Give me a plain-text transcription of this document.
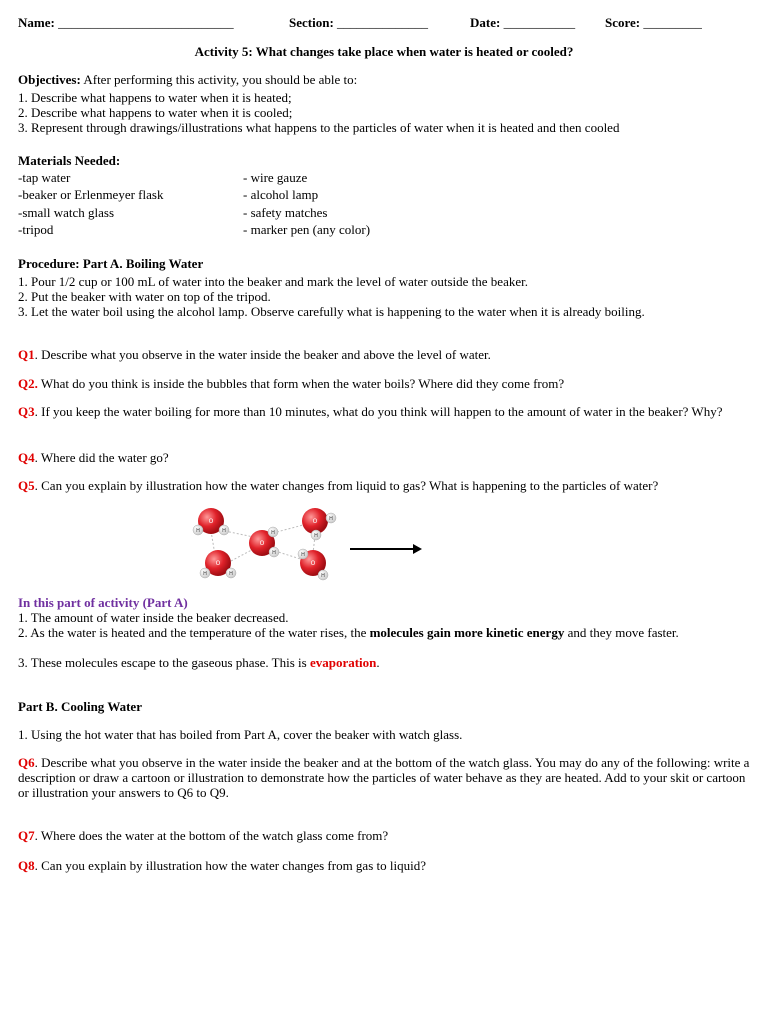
Name: ___________________________	Section: ______________	Date: ___________ Score: _________
Activity 5: What changes take place when water is heated or cooled?
Objectives: After performing this activity, you should be able to:
1. Describe what happens to water when it is heated;
2. Describe what happens to water when it is cooled;
3. Represent through drawings/illustrations what happens to the particles of water when it is heated and then cooled
Materials Needed:
-tap water
-beaker or Erlenmeyer flask
-small watch glass
-tripod
- wire gauze
- alcohol lamp
- safety matches
- marker pen (any color)
Procedure: Part A. Boiling Water
1. Pour 1/2 cup or 100 mL of water into the beaker and mark the level of water outside the beaker.
2. Put the beaker with water on top of the tripod.
3. Let the water boil using the alcohol lamp. Observe carefully what is happening to the water when it is already boiling.
Q1. Describe what you observe in the water inside the beaker and above the level of water.
Q2. What do you think is inside the bubbles that form when the water boils? Where did they come from?
Q3. If you keep the water boiling for more than 10 minutes, what do you think will happen to the amount of water in the beaker? Why?
Q4. Where did the water go?
Q5. Can you explain by illustration how the water changes from liquid to gas? What is happening to the particles of water?
O
H	H
O
H
H
O H
H
O
H	H
O
H
H
In this part of activity (Part A)
1. The amount of water inside the beaker decreased.
2. As the water is heated and the temperature of the water rises, the molecules gain more kinetic energy and they move faster.
3. These molecules escape to the gaseous phase. This is evaporation.
Part B. Cooling Water
1. Using the hot water that has boiled from Part A, cover the beaker with watch glass.
Q6. Describe what you observe in the water inside the beaker and at the bottom of the watch glass. You may do any of the following: write a description or draw a cartoon or illustration to demonstrate how the particles of water behave as they are heated. Add to your skit or cartoon or illustration your answers to Q6 to Q9.
Q7. Where does the water at the bottom of the watch glass come from?
Q8. Can you explain by illustration how the water changes from gas to liquid?
